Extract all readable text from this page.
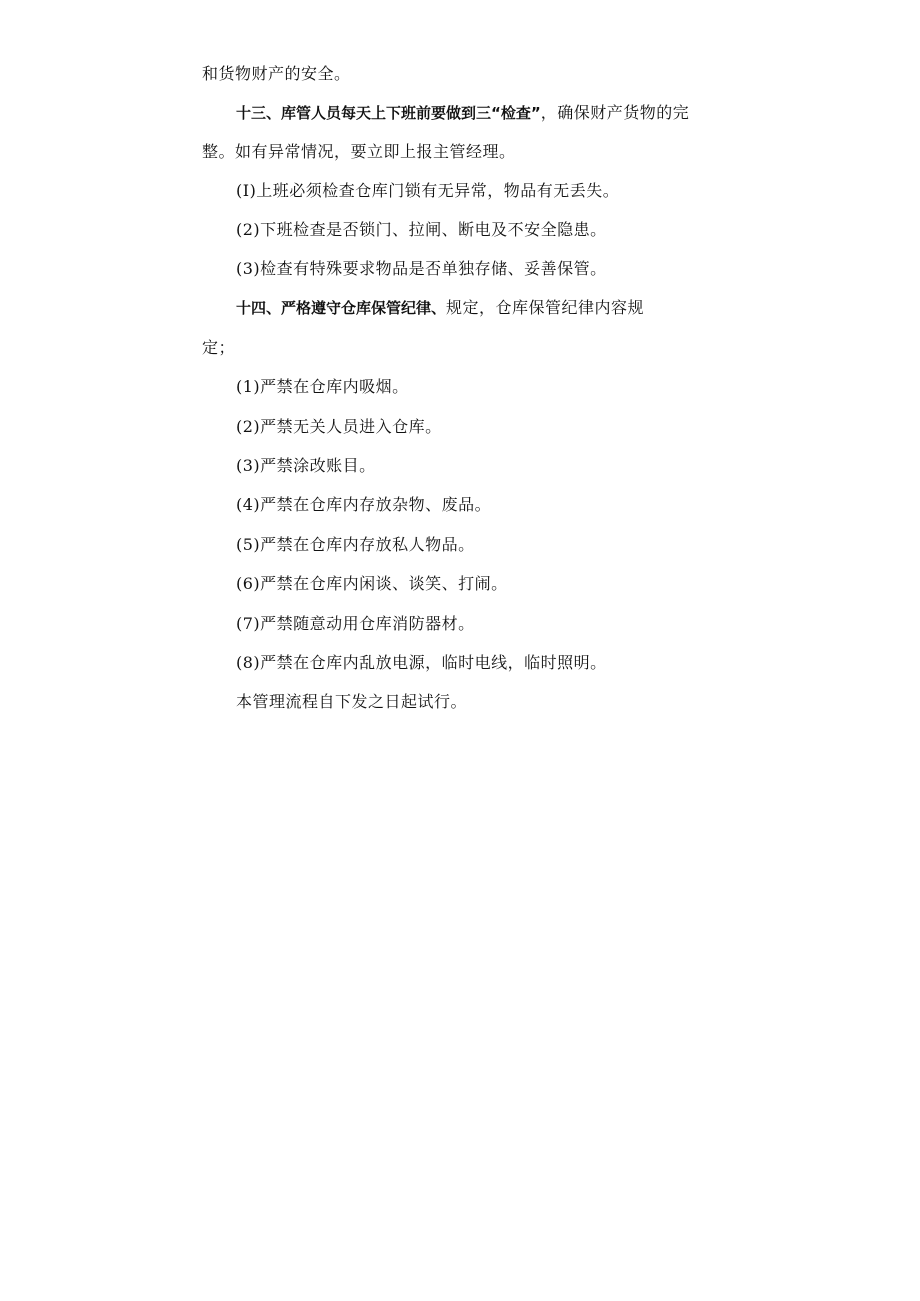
和货物财产的安全。
十三、库管人员每天上下班前要做到三“检查”，确保财产货物的完
整。如有异常情况，要立即上报主管经理。
(I)上班必须检查仓库门锁有无异常，物品有无丢失。
(2)下班检查是否锁门、拉闸、断电及不安全隐患。
(3)检查有特殊要求物品是否单独存储、妥善保管。
十四、严格遵守仓库保管纪律、规定，仓库保管纪律内容规
定；
(1)严禁在仓库内吸烟。
(2)严禁无关人员进入仓库。
(3)严禁涂改账目。
(4)严禁在仓库内存放杂物、废品。
(5)严禁在仓库内存放私人物品。
(6)严禁在仓库内闲谈、谈笑、打闹。
(7)严禁随意动用仓库消防器材。
(8)严禁在仓库内乱放电源，临时电线，临时照明。
本管理流程自下发之日起试行。
